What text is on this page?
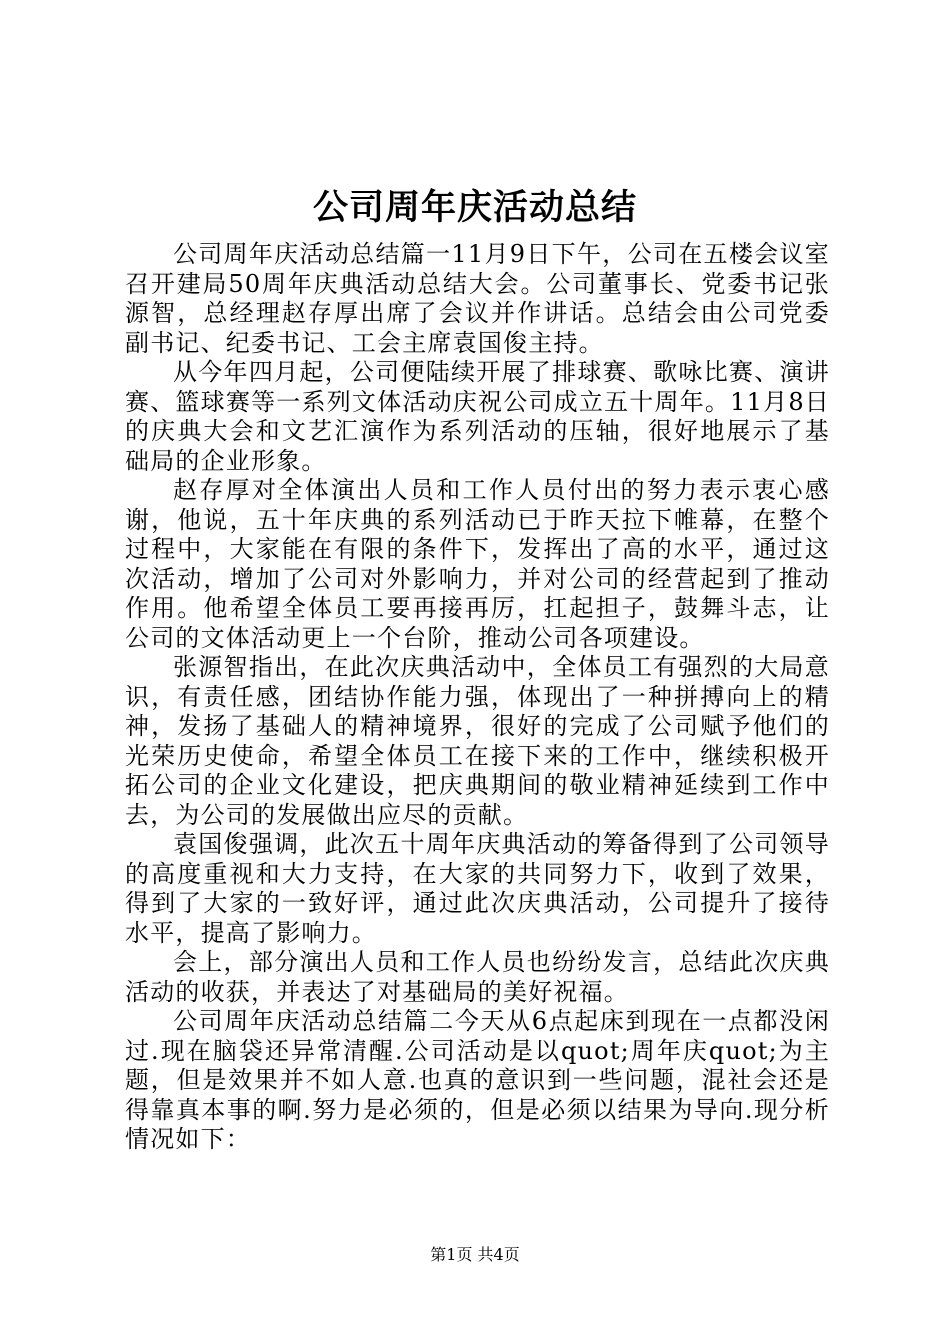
公司周年庆活动总结

公司周年庆活动总结篇一11月9日下午，公司在五楼会议室召开建局50周年庆典活动总结大会。公司董事长、党委书记张源智，总经理赵存厚出席了会议并作讲话。总结会由公司党委副书记、纪委书记、工会主席袁国俊主持。

从今年四月起，公司便陆续开展了排球赛、歌咏比赛、演讲赛、篮球赛等一系列文体活动庆祝公司成立五十周年。11月8日的庆典大会和文艺汇演作为系列活动的压轴，很好地展示了基础局的企业形象。

赵存厚对全体演出人员和工作人员付出的努力表示衷心感谢，他说，五十年庆典的系列活动已于昨天拉下帷幕，在整个过程中，大家能在有限的条件下，发挥出了高的水平，通过这次活动，增加了公司对外影响力，并对公司的经营起到了推动作用。他希望全体员工要再接再厉，扛起担子，鼓舞斗志，让公司的文体活动更上一个台阶，推动公司各项建设。

张源智指出，在此次庆典活动中，全体员工有强烈的大局意识，有责任感，团结协作能力强，体现出了一种拼搏向上的精神，发扬了基础人的精神境界，很好的完成了公司赋予他们的光荣历史使命，希望全体员工在接下来的工作中，继续积极开拓公司的企业文化建设，把庆典期间的敬业精神延续到工作中去，为公司的发展做出应尽的贡献。

袁国俊强调，此次五十周年庆典活动的筹备得到了公司领导的高度重视和大力支持，在大家的共同努力下，收到了效果，得到了大家的一致好评，通过此次庆典活动，公司提升了接待水平，提高了影响力。

会上，部分演出人员和工作人员也纷纷发言，总结此次庆典活动的收获，并表达了对基础局的美好祝福。

公司周年庆活动总结篇二今天从6点起床到现在一点都没闲过.现在脑袋还异常清醒.公司活动是以quot;周年庆quot;为主题，但是效果并不如人意.也真的意识到一些问题，混社会还是得靠真本事的啊.努力是必须的，但是必须以结果为导向.现分析情况如下：

第1页 共4页
